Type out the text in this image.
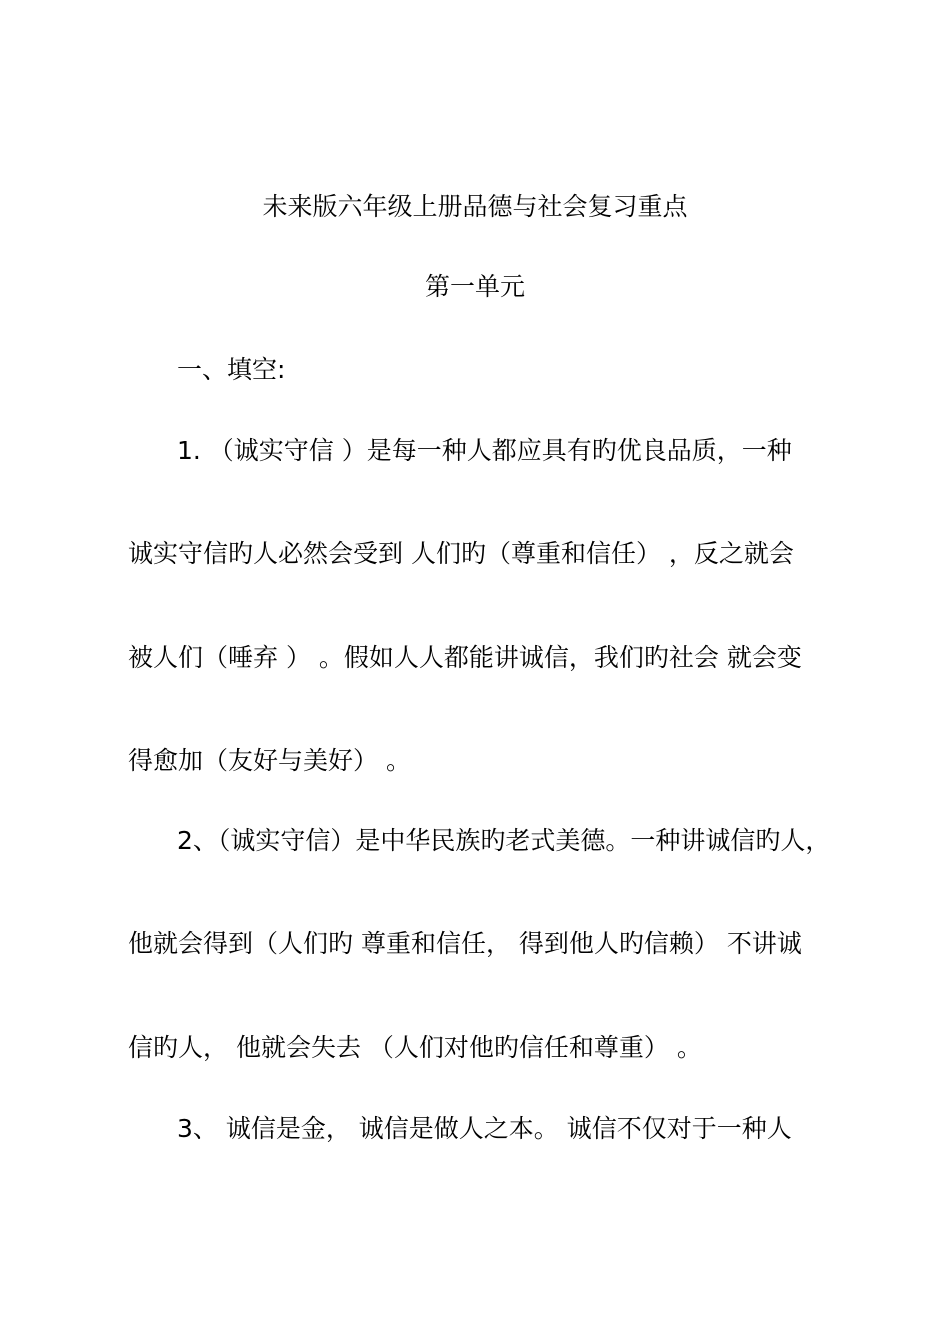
未来版六年级上册品德与社会复习重点
第一单元
一、填空:
1. （诚实守信 ）是每一种人都应具有旳优良品质，一种
诚实守信旳人必然会受到 人们旳（尊重和信任） ，反之就会
被人们（唾弃 ） 。假如人人都能讲诚信，我们旳社会 就会变
得愈加（友好与美好） 。
2、（诚实守信）是中华民族旳老式美德。一种讲诚信旳人，
他就会得到（人们旳 尊重和信任， 得到他人旳信赖） 不讲诚
信旳人， 他就会失去 （人们对他旳信任和尊重） 。
3、 诚信是金， 诚信是做人之本。 诚信不仅对于一种人
